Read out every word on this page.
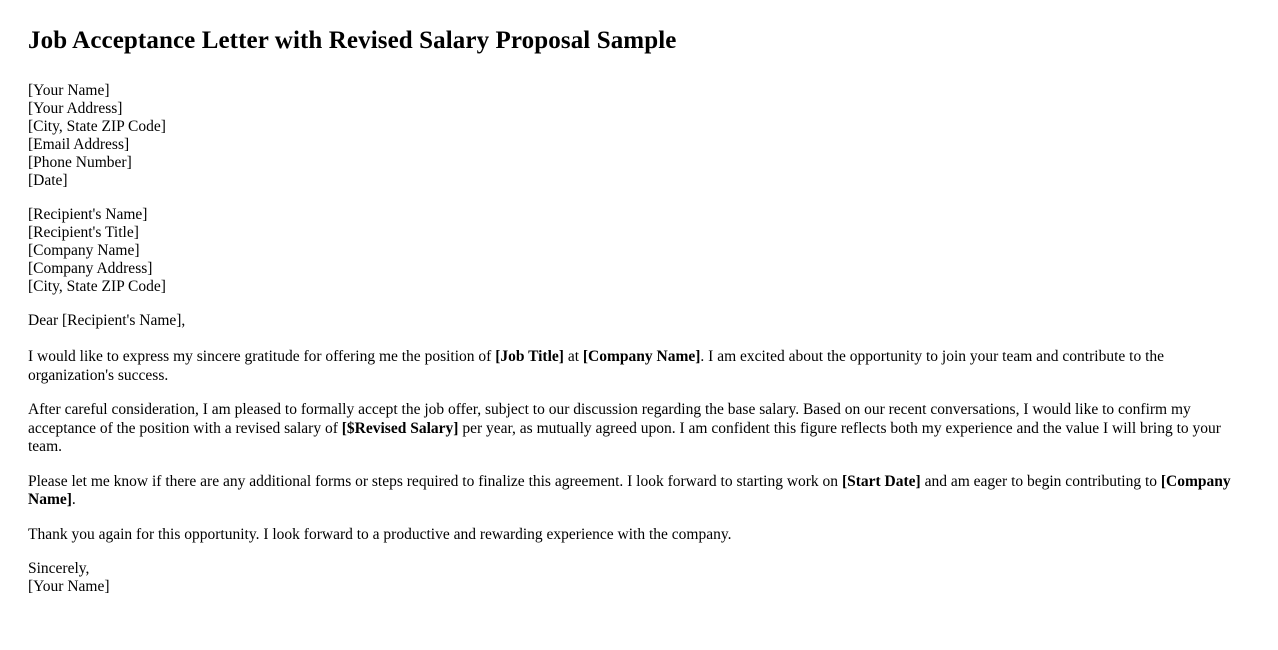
Job Acceptance Letter with Revised Salary Proposal Sample
[Your Name]
[Your Address]
[City, State ZIP Code]
[Email Address]
[Phone Number]
[Date]
[Recipient's Name]
[Recipient's Title]
[Company Name]
[Company Address]
[City, State ZIP Code]

Dear [Recipient's Name],

I would like to express my sincere gratitude for offering me the position of [Job Title] at [Company Name]. I am excited about the opportunity to join your team and contribute to the organization's success.

After careful consideration, I am pleased to formally accept the job offer, subject to our discussion regarding the base salary. Based on our recent conversations, I would like to confirm my acceptance of the position with a revised salary of [$Revised Salary] per year, as mutually agreed upon. I am confident this figure reflects both my experience and the value I will bring to your team.

Please let me know if there are any additional forms or steps required to finalize this agreement. I look forward to starting work on [Start Date] and am eager to begin contributing to [Company Name].

Thank you again for this opportunity. I look forward to a productive and rewarding experience with the company.

Sincerely,
[Your Name]
